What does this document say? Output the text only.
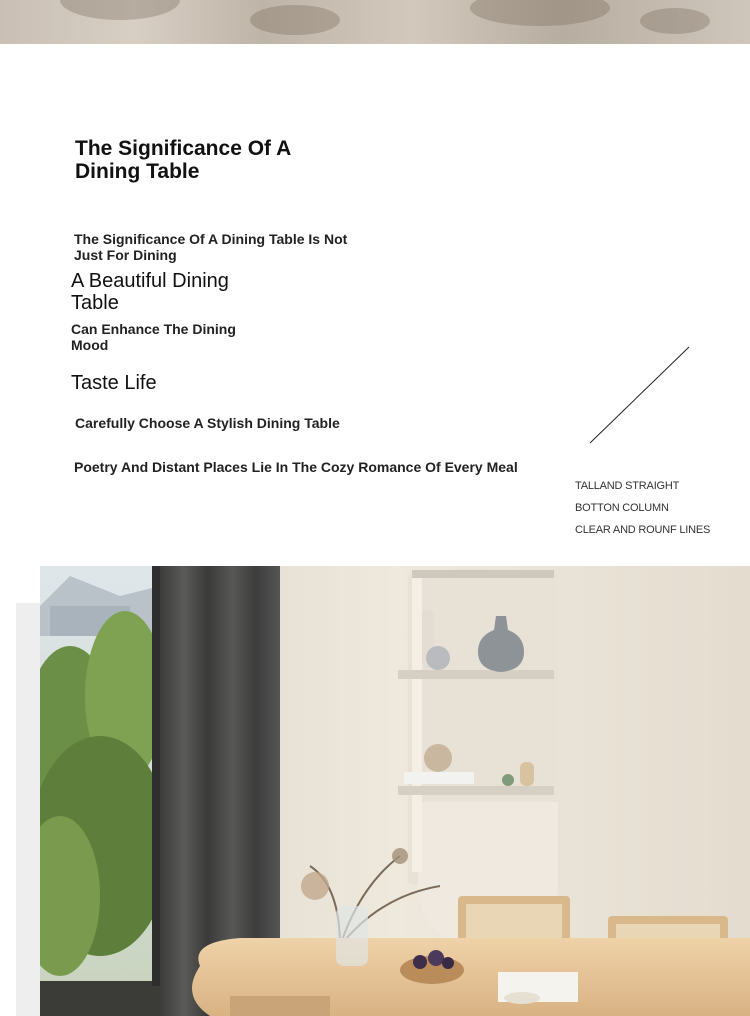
The Significance Of A Dining Table
The Significance Of A Dining Table Is Not Just For Dining
A Beautiful Dining Table
Can Enhance The Dining Mood
Taste Life
Carefully Choose A Stylish Dining Table
Poetry And Distant Places Lie In The Cozy Romance Of Every Meal
TALLAND STRAIGHT
BOTTON COLUMN
CLEAR AND ROUNF LINES
